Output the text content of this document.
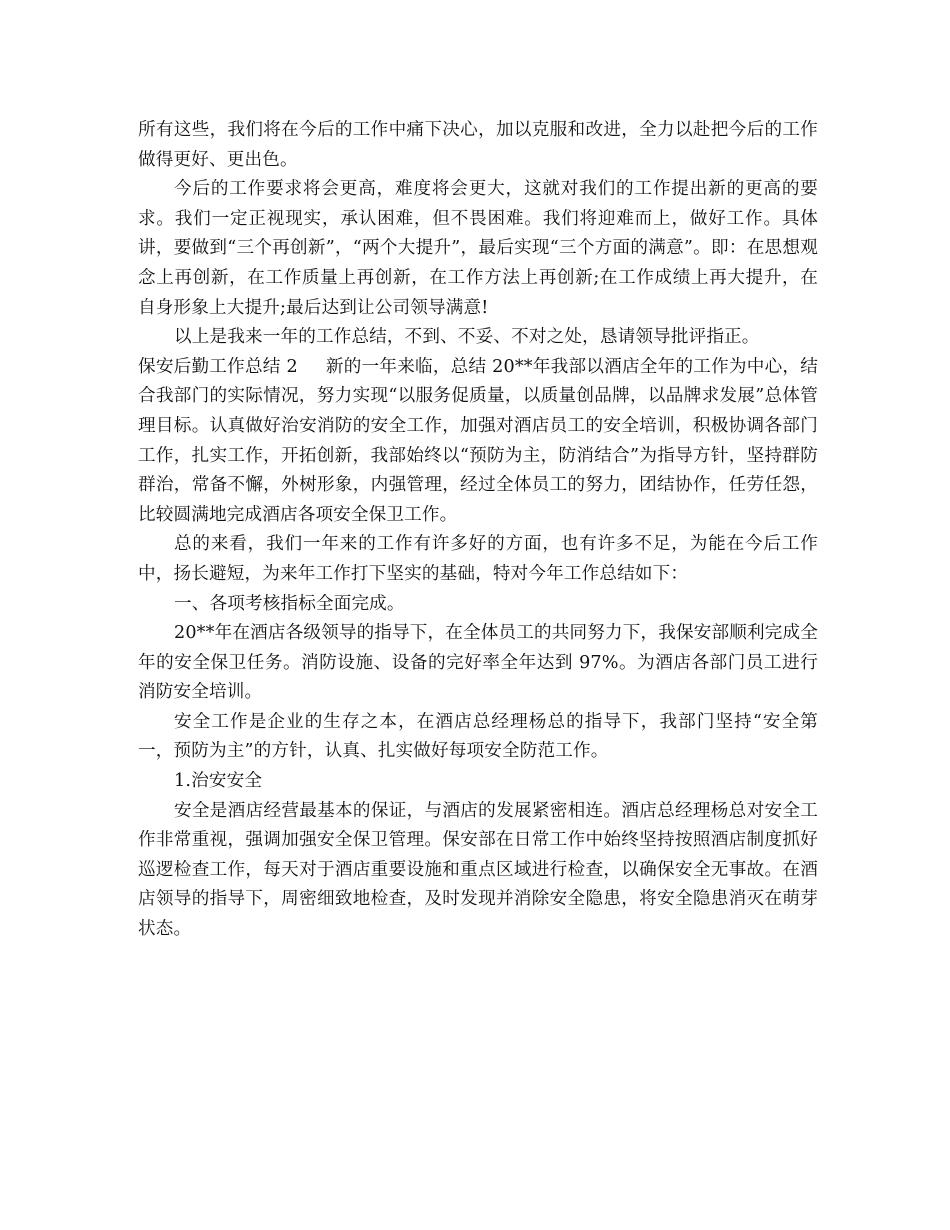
所有这些，我们将在今后的工作中痛下决心，加以克服和改进，全力以赴把今后的工作做得更好、更出色。

今后的工作要求将会更高，难度将会更大，这就对我们的工作提出新的更高的要求。我们一定正视现实，承认困难，但不畏困难。我们将迎难而上，做好工作。具体讲，要做到“三个再创新”，“两个大提升”，最后实现“三个方面的满意”。即：在思想观念上再创新，在工作质量上再创新，在工作方法上再创新;在工作成绩上再大提升，在自身形象上大提升;最后达到让公司领导满意!

以上是我来一年的工作总结，不到、不妥、不对之处，恳请领导批评指正。

保安后勤工作总结 2 新的一年来临，总结 20**年我部以酒店全年的工作为中心，结合我部门的实际情况，努力实现“以服务促质量，以质量创品牌，以品牌求发展”总体管理目标。认真做好治安消防的安全工作，加强对酒店员工的安全培训，积极协调各部门工作，扎实工作，开拓创新，我部始终以“预防为主，防消结合”为指导方针，坚持群防群治，常备不懈，外树形象，内强管理，经过全体员工的努力，团结协作，任劳任怨，比较圆满地完成酒店各项安全保卫工作。

总的来看，我们一年来的工作有许多好的方面，也有许多不足，为能在今后工作中，扬长避短，为来年工作打下坚实的基础，特对今年工作总结如下：

一、各项考核指标全面完成。

20**年在酒店各级领导的指导下，在全体员工的共同努力下，我保安部顺利完成全年的安全保卫任务。消防设施、设备的完好率全年达到 97%。为酒店各部门员工进行消防安全培训。

安全工作是企业的生存之本，在酒店总经理杨总的指导下，我部门坚持“安全第一，预防为主”的方针，认真、扎实做好每项安全防范工作。

1.治安安全

安全是酒店经营最基本的保证，与酒店的发展紧密相连。酒店总经理杨总对安全工作非常重视，强调加强安全保卫管理。保安部在日常工作中始终坚持按照酒店制度抓好巡逻检查工作，每天对于酒店重要设施和重点区域进行检查，以确保安全无事故。在酒店领导的指导下，周密细致地检查，及时发现并消除安全隐患，将安全隐患消灭在萌芽状态。
